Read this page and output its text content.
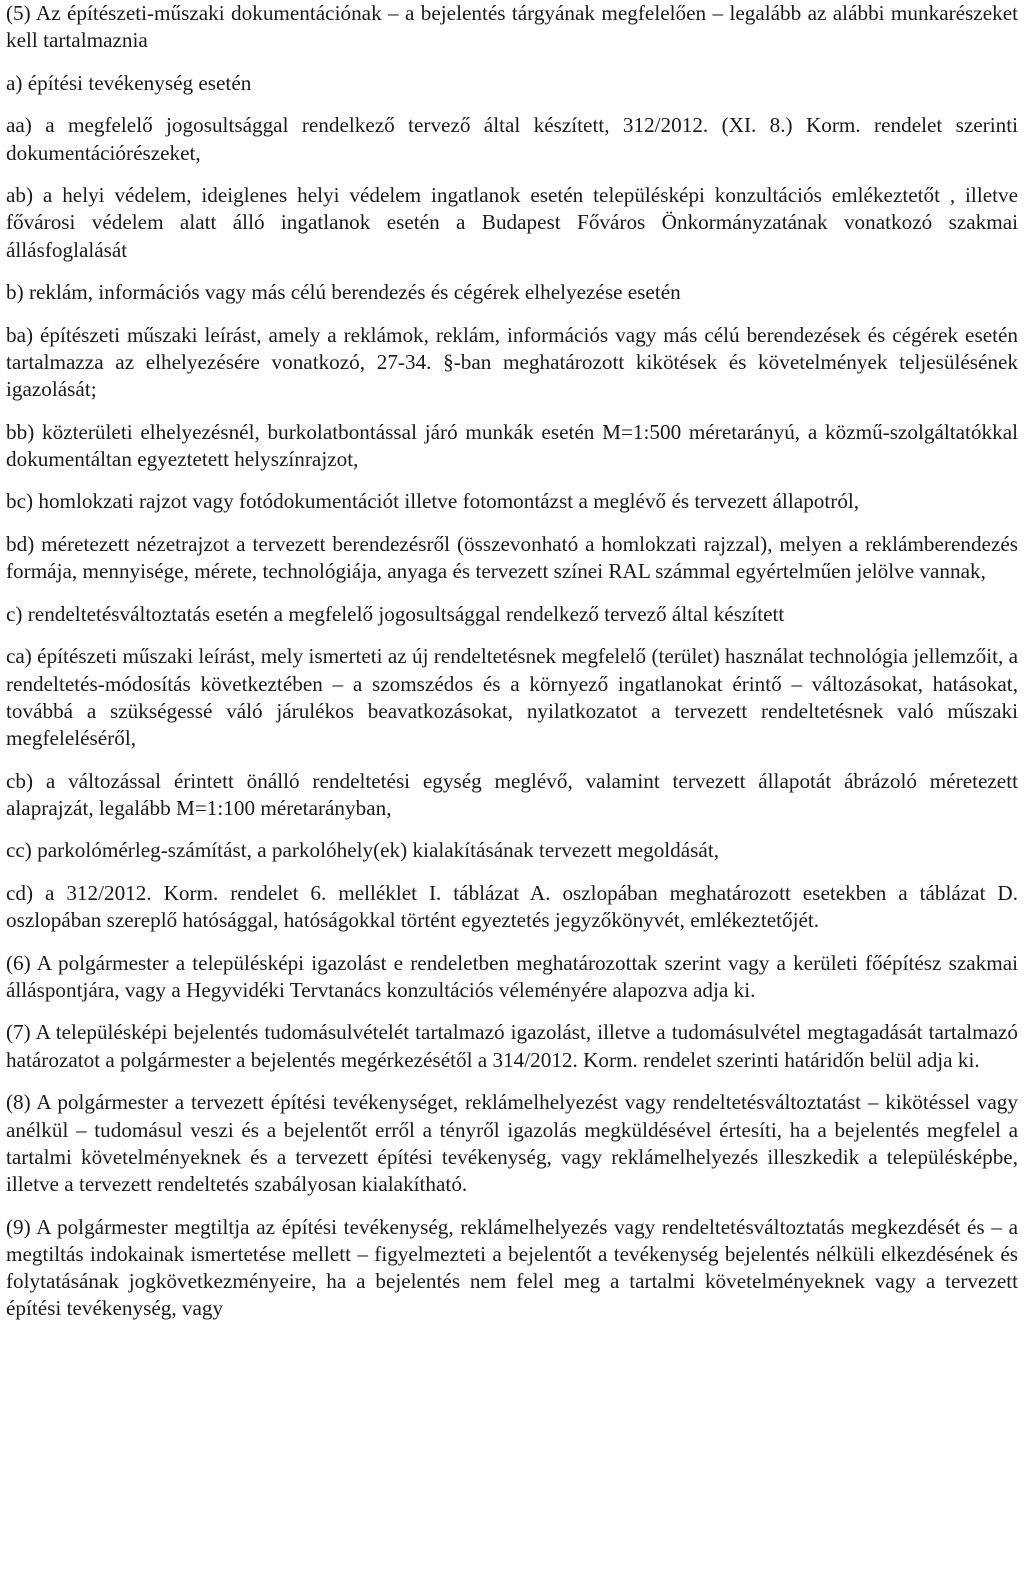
(5) Az építészeti-műszaki dokumentációnak – a bejelentés tárgyának megfelelően – legalább az alábbi munkarészeket kell tartalmaznia

a) építési tevékenység esetén

aa) a megfelelő jogosultsággal rendelkező tervező által készített, 312/2012. (XI. 8.) Korm. rendelet szerinti dokumentációrészeket,

ab) a helyi védelem, ideiglenes helyi védelem ingatlanok esetén településképi konzultációs emlékeztetőt , illetve fővárosi védelem alatt álló ingatlanok esetén a Budapest Főváros Önkormányzatának vonatkozó szakmai állásfoglalását

b) reklám, információs vagy más célú berendezés és cégérek elhelyezése esetén

ba) építészeti műszaki leírást, amely a reklámok, reklám, információs vagy más célú berendezések és cégérek esetén tartalmazza az elhelyezésére vonatkozó, 27-34. §-ban meghatározott kikötések és követelmények teljesülésének igazolását;

bb) közterületi elhelyezésnél, burkolatbontással járó munkák esetén M=1:500 méretarányú, a közmű-szolgáltatókkal dokumentáltan egyeztetett helyszínrajzot,

bc) homlokzati rajzot vagy fotódokumentációt illetve fotomontázst a meglévő és tervezett állapotról,

bd) méretezett nézetrajzot a tervezett berendezésről (összevonható a homlokzati rajzzal), melyen a reklámberendezés formája, mennyisége, mérete, technológiája, anyaga és tervezett színei RAL számmal egyértelműen jelölve vannak,

c) rendeltetésváltoztatás esetén a megfelelő jogosultsággal rendelkező tervező által készített

ca) építészeti műszaki leírást, mely ismerteti az új rendeltetésnek megfelelő (terület) használat technológia jellemzőit, a rendeltetés-módosítás következtében – a szomszédos és a környező ingatlanokat érintő – változásokat, hatásokat, továbbá a szükségessé váló járulékos beavatkozásokat, nyilatkozatot a tervezett rendeltetésnek való műszaki megfeleléséről,

cb) a változással érintett önálló rendeltetési egység meglévő, valamint tervezett állapotát ábrázoló méretezett alaprajzát, legalább M=1:100 méretarányban,

cc) parkolómérleg-számítást, a parkolóhely(ek) kialakításának tervezett megoldását,

cd) a 312/2012. Korm. rendelet 6. melléklet I. táblázat A. oszlopában meghatározott esetekben a táblázat D. oszlopában szereplő hatósággal, hatóságokkal történt egyeztetés jegyzőkönyvét, emlékeztetőjét.

(6) A polgármester a településképi igazolást e rendeletben meghatározottak szerint vagy a kerületi főépítész szakmai álláspontjára, vagy a Hegyvidéki Tervtanács konzultációs véleményére alapozva adja ki.

(7) A településképi bejelentés tudomásulvételét tartalmazó igazolást, illetve a tudomásulvétel megtagadását tartalmazó határozatot a polgármester a bejelentés megérkezésétől a 314/2012. Korm. rendelet szerinti határidőn belül adja ki.

(8) A polgármester a tervezett építési tevékenységet, reklámelhelyezést vagy rendeltetésváltoztatást – kikötéssel vagy anélkül – tudomásul veszi és a bejelentőt erről a tényről igazolás megküldésével értesíti, ha a bejelentés megfelel a tartalmi követelményeknek és a tervezett építési tevékenység, vagy reklámelhelyezés illeszkedik a településképbe, illetve a tervezett rendeltetés szabályosan kialakítható.

(9) A polgármester megtiltja az építési tevékenység, reklámelhelyezés vagy rendeltetésváltoztatás megkezdését és – a megtiltás indokainak ismertetése mellett – figyelmezteti a bejelentőt a tevékenység bejelentés nélküli elkezdésének és folytatásának jogkövetkezményeire, ha a bejelentés nem felel meg a tartalmi követelményeknek vagy a tervezett építési tevékenység, vagy
